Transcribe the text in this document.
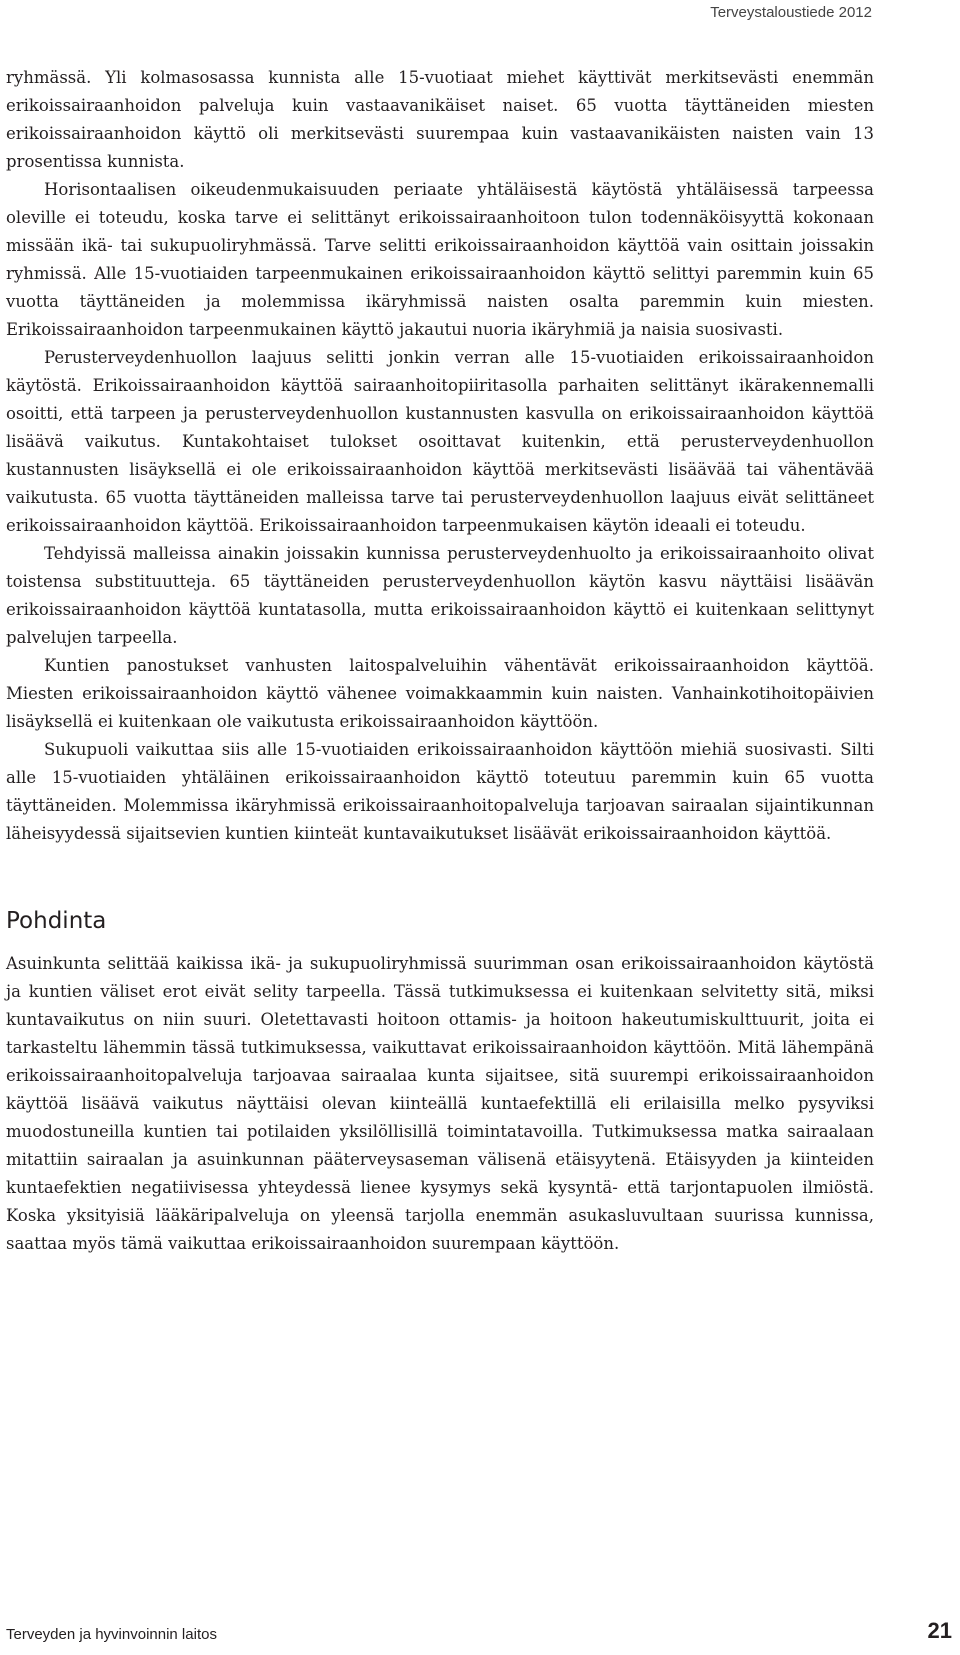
Terveystaloustiede 2012

ryhmässä. Yli kolmasosassa kunnista alle 15-vuotiaat miehet käyttivät merkitsevästi enemmän erikoissairaanhoidon palveluja kuin vastaavanikäiset naiset. 65 vuotta täyttäneiden miesten erikoissairaanhoidon käyttö oli merkitsevästi suurempaa kuin vastaavanikäisten naisten vain 13 prosentissa kunnista.

Horisontaalisen oikeudenmukaisuuden periaate yhtäläisestä käytöstä yhtäläisessä tarpeessa oleville ei toteudu, koska tarve ei selittänyt erikoissairaanhoitoon tulon todennäköisyyttä kokonaan missään ikä- tai sukupuoliryhmässä. Tarve selitti erikoissairaanhoidon käyttöä vain osittain joissakin ryhmissä. Alle 15-vuotiaiden tarpeenmukainen erikoissairaanhoidon käyttö selittyi paremmin kuin 65 vuotta täyttäneiden ja molemmissa ikäryhmissä naisten osalta paremmin kuin miesten. Erikoissairaanhoidon tarpeenmukainen käyttö jakautui nuoria ikäryhmiä ja naisia suosivasti.

Perusterveydenhuollon laajuus selitti jonkin verran alle 15-vuotiaiden erikoissairaanhoidon käytöstä. Erikoissairaanhoidon käyttöä sairaanhoitopiiritasolla parhaiten selittänyt ikärakennemalli osoitti, että tarpeen ja perusterveydenhuollon kustannusten kasvulla on erikoissairaanhoidon käyttöä lisäävä vaikutus. Kuntakohtaiset tulokset osoittavat kuitenkin, että perusterveydenhuollon kustannusten lisäyksellä ei ole erikoissairaanhoidon käyttöä merkitsevästi lisäävää tai vähentävää vaikutusta. 65 vuotta täyttäneiden malleissa tarve tai perusterveydenhuollon laajuus eivät selittäneet erikoissairaanhoidon käyttöä. Erikoissairaanhoidon tarpeenmukaisen käytön ideaali ei toteudu.

Tehdyissä malleissa ainakin joissakin kunnissa perusterveydenhuolto ja erikoissairaanhoito olivat toistensa substituutteja. 65 täyttäneiden perusterveydenhuollon käytön kasvu näyttäisi lisäävän erikoissairaanhoidon käyttöä kuntatasolla, mutta erikoissairaanhoidon käyttö ei kuitenkaan selittynyt palvelujen tarpeella.

Kuntien panostukset vanhusten laitospalveluihin vähentävät erikoissairaanhoidon käyttöä. Miesten erikoissairaanhoidon käyttö vähenee voimakkaammin kuin naisten. Vanhainkotihoitopäivien lisäyksellä ei kuitenkaan ole vaikutusta erikoissairaanhoidon käyttöön.

Sukupuoli vaikuttaa siis alle 15-vuotiaiden erikoissairaanhoidon käyttöön miehiä suosivasti. Silti alle 15-vuotiaiden yhtäläinen erikoissairaanhoidon käyttö toteutuu paremmin kuin 65 vuotta täyttäneiden. Molemmissa ikäryhmissä erikoissairaanhoitopalveluja tarjoavan sairaalan sijaintikunnan läheisyydessä sijaitsevien kuntien kiinteät kuntavaikutukset lisäävät erikoissairaanhoidon käyttöä.

Pohdinta

Asuinkunta selittää kaikissa ikä- ja sukupuoliryhmissä suurimman osan erikoissairaanhoidon käytöstä ja kuntien väliset erot eivät selity tarpeella. Tässä tutkimuksessa ei kuitenkaan selvitetty sitä, miksi kuntavaikutus on niin suuri. Oletettavasti hoitoon ottamis- ja hoitoon hakeutumiskulttuurit, joita ei tarkasteltu lähemmin tässä tutkimuksessa, vaikuttavat erikoissairaanhoidon käyttöön. Mitä lähempänä erikoissairaanhoitopalveluja tarjoavaa sairaalaa kunta sijaitsee, sitä suurempi erikoissairaanhoidon käyttöä lisäävä vaikutus näyttäisi olevan kiinteällä kuntaefektillä eli erilaisilla melko pysyviksi muodostuneilla kuntien tai potilaiden yksilöllisillä toimintatavoilla. Tutkimuksessa matka sairaalaan mitattiin sairaalan ja asuinkunnan pääterveysaseman välisenä etäisyytenä. Etäisyyden ja kiinteiden kuntaefektien negatiivisessa yhteydessä lienee kysymys sekä kysyntä- että tarjontapuolen ilmiöstä. Koska yksityisiä lääkäripalveluja on yleensä tarjolla enemmän asukasluvultaan suurissa kunnissa, saattaa myös tämä vaikuttaa erikoissairaanhoidon suurempaan käyttöön.

Terveyden ja hyvinvoinnin laitos	21
